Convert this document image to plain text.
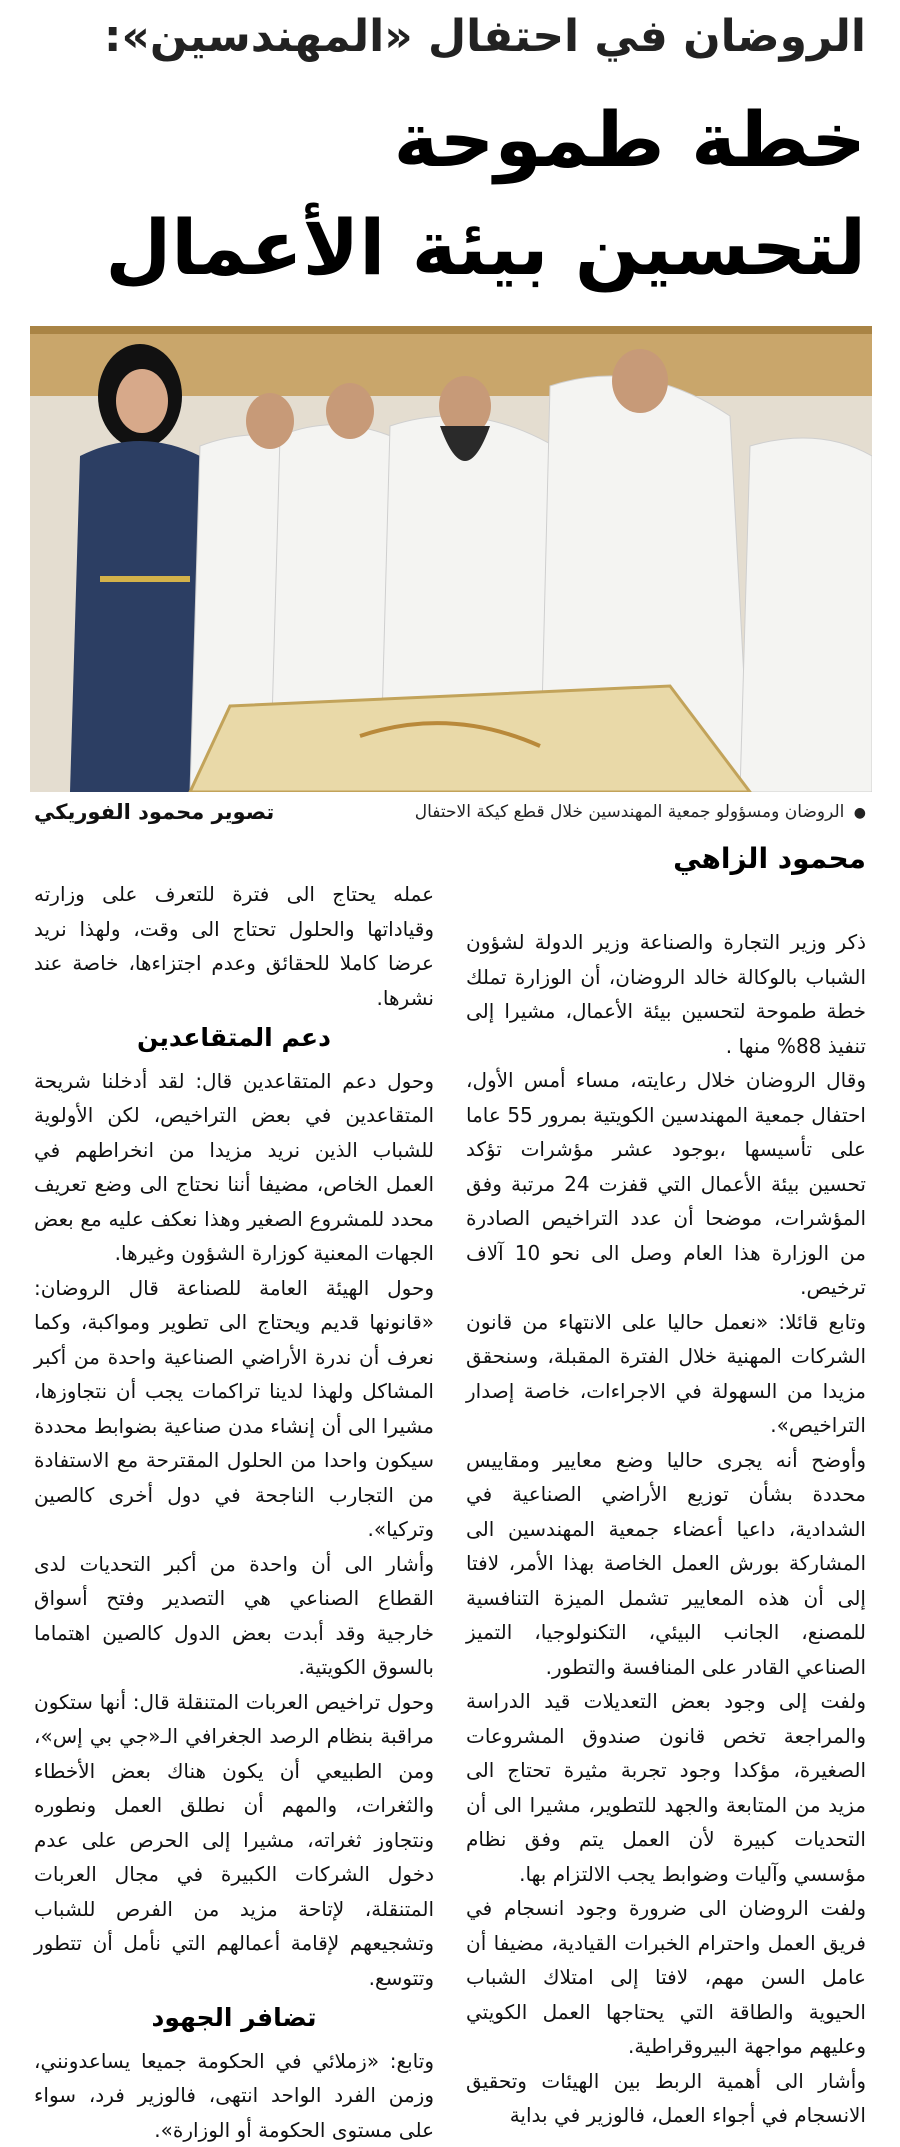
الروضان في احتفال «المهندسين»:
خطة طموحة
لتحسين بيئة الأعمال
● الروضان ومسؤولو جمعية المهندسين خلال قطع كيكة الاحتفال
تصوير محمود الفوريكي
محمود الزاهي

ذكر وزير التجارة والصناعة وزير الدولة لشؤون الشباب بالوكالة خالد الروضان، أن الوزارة تملك خطة طموحة لتحسين بيئة الأعمال، مشيرا إلى تنفيذ 88% منها .

وقال الروضان خلال رعايته، مساء أمس الأول، احتفال جمعية المهندسين الكويتية بمرور 55 عاما على تأسيسها ،بوجود عشر مؤشرات تؤكد تحسين بيئة الأعمال التي قفزت 24 مرتبة وفق المؤشرات، موضحا أن عدد التراخيص الصادرة من الوزارة هذا العام وصل الى نحو 10 آلاف ترخيص.

وتابع قائلا: «نعمل حاليا على الانتهاء من قانون الشركات المهنية خلال الفترة المقبلة، وسنحقق مزيدا من السهولة في الاجراءات، خاصة إصدار التراخيص».

وأوضح أنه يجرى حاليا وضع معايير ومقاييس محددة بشأن توزيع الأراضي الصناعية في الشدادية، داعيا أعضاء جمعية المهندسين الى المشاركة بورش العمل الخاصة بهذا الأمر، لافتا إلى أن هذه المعايير تشمل الميزة التنافسية للمصنع، الجانب البيئي، التكنولوجيا، التميز الصناعي القادر على المنافسة والتطور.

ولفت إلى وجود بعض التعديلات قيد الدراسة والمراجعة تخص قانون صندوق المشروعات الصغيرة، مؤكدا وجود تجربة مثيرة تحتاج الى مزيد من المتابعة والجهد للتطوير، مشيرا الى أن التحديات كبيرة لأن العمل يتم وفق نظام مؤسسي وآليات وضوابط يجب الالتزام بها.

ولفت الروضان الى ضرورة وجود انسجام في فريق العمل واحترام الخبرات القيادية، مضيفا أن عامل السن مهم، لافتا إلى امتلاك الشباب الحيوية والطاقة التي يحتاجها العمل الكويتي وعليهم مواجهة البيروقراطية.

وأشار الى أهمية الربط بين الهيئات وتحقيق الانسجام في أجواء العمل، فالوزير في بداية

عمله يحتاج الى فترة للتعرف على وزارته وقياداتها والحلول تحتاج الى وقت، ولهذا نريد عرضا كاملا للحقائق وعدم اجتزاءها، خاصة عند نشرها.

دعم المتقاعدين

وحول دعم المتقاعدين قال: لقد أدخلنا شريحة المتقاعدين في بعض التراخيص، لكن الأولوية للشباب الذين نريد مزيدا من انخراطهم في العمل الخاص، مضيفا أننا نحتاج الى وضع تعريف محدد للمشروع الصغير وهذا نعكف عليه مع بعض الجهات المعنية كوزارة الشؤون وغيرها.

وحول الهيئة العامة للصناعة قال الروضان: «قانونها قديم ويحتاج الى تطوير ومواكبة، وكما نعرف أن ندرة الأراضي الصناعية واحدة من أكبر المشاكل ولهذا لدينا تراكمات يجب أن نتجاوزها، مشيرا الى أن إنشاء مدن صناعية بضوابط محددة سيكون واحدا من الحلول المقترحة مع الاستفادة من التجارب الناجحة في دول أخرى كالصين وتركيا».

وأشار الى أن واحدة من أكبر التحديات لدى القطاع الصناعي هي التصدير وفتح أسواق خارجية وقد أبدت بعض الدول كالصين اهتماما بالسوق الكويتية.

وحول تراخيص العربات المتنقلة قال: أنها ستكون مراقبة بنظام الرصد الجغرافي الـ«جي بي إس»، ومن الطبيعي أن يكون هناك بعض الأخطاء والثغرات، والمهم أن نطلق العمل ونطوره ونتجاوز ثغراته، مشيرا إلى الحرص على عدم دخول الشركات الكبيرة في مجال العربات المتنقلة، لإتاحة مزيد من الفرص للشباب وتشجيعهم لإقامة أعمالهم التي نأمل أن تتطور وتتوسع.

تضافر الجهود

وتابع: «زملائي في الحكومة جميعا يساعدونني، وزمن الفرد الواحد انتهى، فالوزير فرد، سواء على مستوى الحكومة أو الوزارة».
